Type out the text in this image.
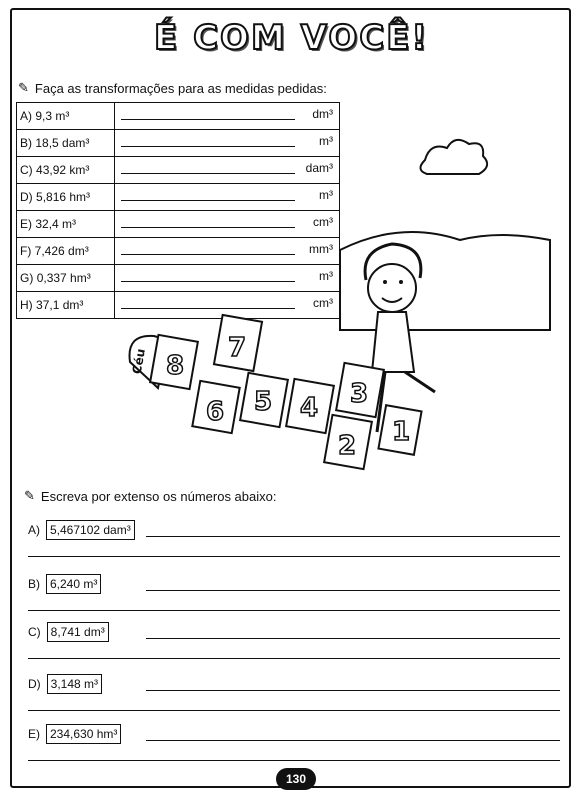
É COM VOCÊ!
✎ Faça as transformações para as medidas pedidas:
A) 9,3 m³	dm³

B) 18,5 dam³	m³

C) 43,92 km³	dam³

D) 5,816 hm³	m³

E) 32,4 m³	cm³

F) 7,426 dm³	mm³

G) 0,337 hm³	m³

H) 37,1 dm³	cm³
Céu 8
7
6 5 4 3
2 1
✎ Escreva por extenso os números abaixo:
A) 5,467102 dam³
B) 6,240 m³
C) 8,741 dm³
D) 3,148 m³
E) 234,630 hm³
130
